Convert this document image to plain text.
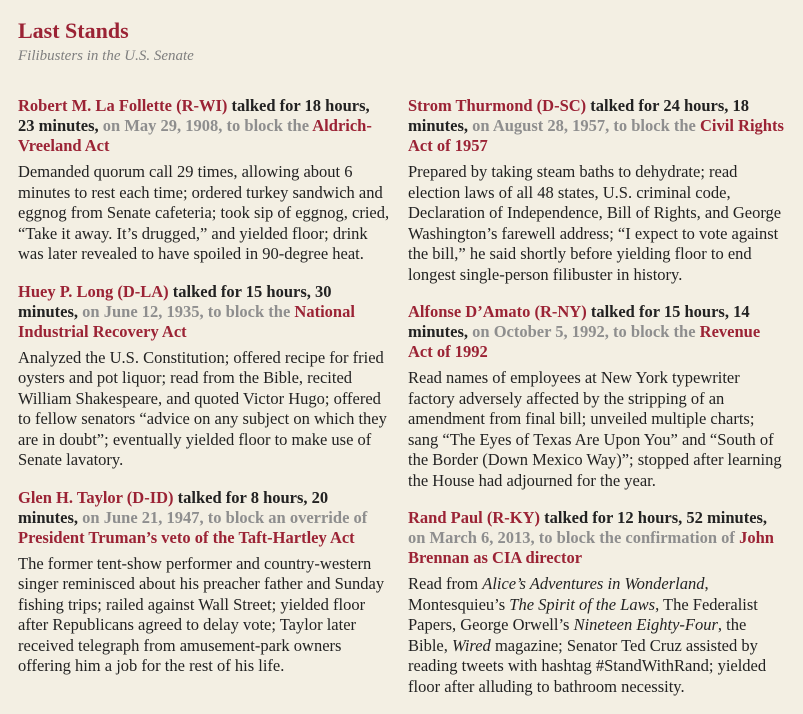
Last Stands
Filibusters in the U.S. Senate
Robert M. La Follette (R-WI) talked for 18 hours, 23 minutes, on May 29, 1908, to block the Aldrich-Vreeland Act

Demanded quorum call 29 times, allowing about 6 minutes to rest each time; ordered turkey sandwich and eggnog from Senate cafeteria; took sip of eggnog, cried, “Take it away. It’s drugged,” and yielded floor; drink was later revealed to have spoiled in 90-degree heat.

Huey P. Long (D-LA) talked for 15 hours, 30 minutes, on June 12, 1935, to block the National Industrial Recovery Act

Analyzed the U.S. Constitution; offered recipe for fried oysters and pot liquor; read from the Bible, recited William Shakespeare, and quoted Victor Hugo; offered to fellow senators “advice on any subject on which they are in doubt”; eventually yielded floor to make use of Senate lavatory.

Glen H. Taylor (D-ID) talked for 8 hours, 20 minutes, on June 21, 1947, to block an override of President Truman’s veto of the Taft-Hartley Act

The former tent-show performer and country-western singer reminisced about his preacher father and Sunday fishing trips; railed against Wall Street; yielded floor after Republicans agreed to delay vote; Taylor later received telegraph from amusement-park owners offering him a job for the rest of his life.

Strom Thurmond (D-SC) talked for 24 hours, 18 minutes, on August 28, 1957, to block the Civil Rights Act of 1957

Prepared by taking steam baths to dehydrate; read election laws of all 48 states, U.S. criminal code, Declaration of Independence, Bill of Rights, and George Washington’s farewell address; “I expect to vote against the bill,” he said shortly before yielding floor to end longest single-person filibuster in history.

Alfonse D’Amato (R-NY) talked for 15 hours, 14 minutes, on October 5, 1992, to block the Revenue Act of 1992

Read names of employees at New York typewriter factory adversely affected by the stripping of an amendment from final bill; unveiled multiple charts; sang “The Eyes of Texas Are Upon You” and “South of the Border (Down Mexico Way)”; stopped after learning the House had adjourned for the year.

Rand Paul (R-KY) talked for 12 hours, 52 minutes, on March 6, 2013, to block the confirmation of John Brennan as CIA director

Read from Alice’s Adventures in Wonderland, Montesquieu’s The Spirit of the Laws, The Federalist Papers, George Orwell’s Nineteen Eighty-Four, the Bible, Wired magazine; Senator Ted Cruz assisted by reading tweets with hashtag #StandWithRand; yielded floor after alluding to bathroom necessity.
